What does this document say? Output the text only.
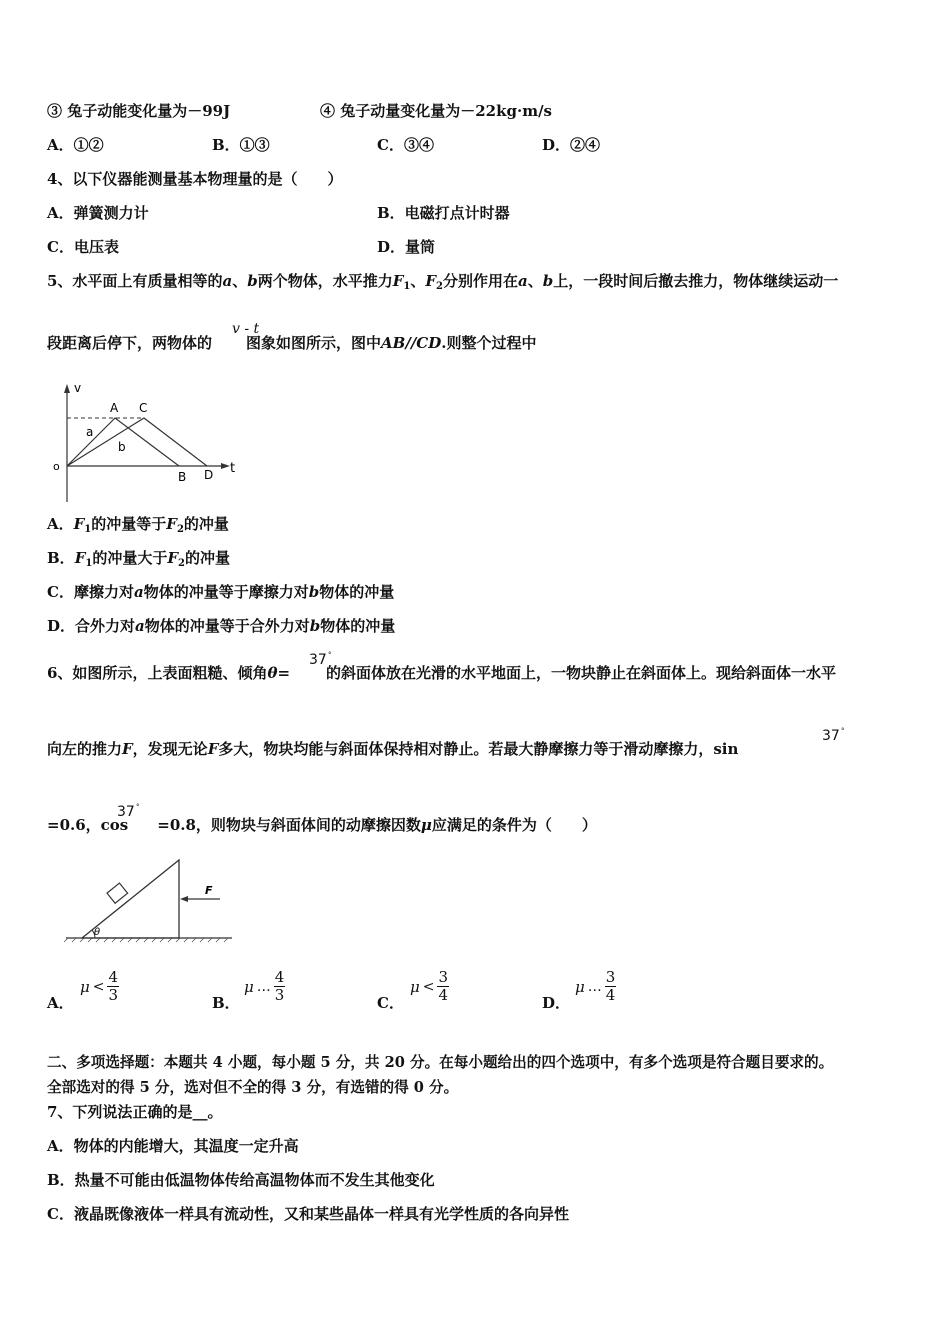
③ 兔子动能变化量为－99J	④ 兔子动量变化量为－22kg·m/s
A．①②	B．①③	C．③④	D．②④
4、以下仪器能测量基本物理量的是（　　）
A．弹簧测力计	B．电磁打点计时器
C．电压表	D．量筒
5、水平面上有质量相等的a、b两个物体，水平推力$F_1$、$F_2$分别作用在a、b上，一段时间后撤去推力，物体继续运动一
段距离后停下，两物体的 图象如图所示，图中AB//CD.则整个过程中
v - t
v
t
o
A C
B D
a
b
A．$F_1$的冲量等于$F_2$的冲量
B．$F_1$的冲量大于$F_2$的冲量
C．摩擦力对a物体的冲量等于摩擦力对b物体的冲量
D．合外力对a物体的冲量等于合外力对b物体的冲量
6、如图所示，上表面粗糙、倾角θ= 的斜面体放在光滑的水平地面上，一物块静止在斜面体上。现给斜面体一水平
37 °
向左的推力F，发现无论F多大，物块均能与斜面体保持相对静止。若最大静摩擦力等于滑动摩擦力，sin
37 °
=0.6，cos =0.8，则物块与斜面体间的动摩擦因数μ应满足的条件为（　　）
37 °
F
θ
A．
μ <
4
3	B．
μ …
4
3	C．
μ <
3
4	D．
μ …
3
4
二、多项选择题：本题共 4 小题，每小题 5 分，共 20 分。在每小题给出的四个选项中，有多个选项是符合题目要求的。
全部选对的得 5 分，选对但不全的得 3 分，有选错的得 0 分。
7、下列说法正确的是__。
A．物体的内能增大，其温度一定升高
B．热量不可能由低温物体传给高温物体而不发生其他变化
C．液晶既像液体一样具有流动性，又和某些晶体一样具有光学性质的各向异性
